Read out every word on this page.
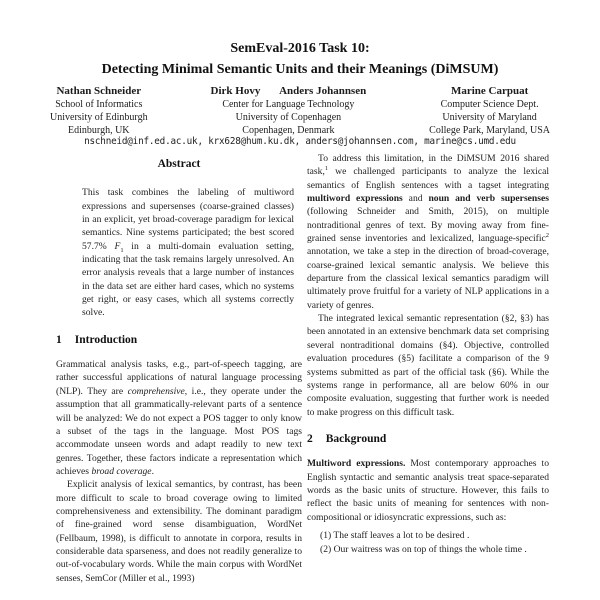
SemEval-2016 Task 10:
Detecting Minimal Semantic Units and their Meanings (DiMSUM)
Nathan Schneider
School of Informatics
University of Edinburgh
Edinburgh, UK
Dirk Hovy Anders Johannsen
Center for Language Technology
University of Copenhagen
Copenhagen, Denmark
Marine Carpuat
Computer Science Dept.
University of Maryland
College Park, Maryland, USA
nschneid@inf.ed.ac.uk, krx628@hum.ku.dk, anders@johannsen.com, marine@cs.umd.edu
Abstract
This task combines the labeling of multiword expressions and supersenses (coarse-grained classes) in an explicit, yet broad-coverage paradigm for lexical semantics. Nine systems participated; the best scored 57.7% $F_1$ in a multi-domain evaluation setting, indicating that the task remains largely unresolved. An error analysis reveals that a large number of instances in the data set are either hard cases, which no systems get right, or easy cases, which all systems correctly solve.
1 Introduction

Grammatical analysis tasks, e.g., part-of-speech tagging, are rather successful applications of natural language processing (NLP). They are comprehensive, i.e., they operate under the assumption that all grammatically-relevant parts of a sentence will be analyzed: We do not expect a POS tagger to only know a subset of the tags in the language. Most POS tags accommodate unseen words and adapt readily to new text genres. Together, these factors indicate a representation which achieves broad coverage.

Explicit analysis of lexical semantics, by contrast, has been more difficult to scale to broad coverage owing to limited comprehensiveness and extensibility. The dominant paradigm of fine-grained word sense disambiguation, WordNet (Fellbaum, 1998), is difficult to annotate in corpora, results in considerable data sparseness, and does not readily generalize to out-of-vocabulary words. While the main corpus with WordNet senses, SemCor (Miller et al., 1993)

To address this limitation, in the DiMSUM 2016 shared task,$^1$ we challenged participants to analyze the lexical semantics of English sentences with a tagset integrating multiword expressions and noun and verb supersenses (following Schneider and Smith, 2015), on multiple nontraditional genres of text. By moving away from fine-grained sense inventories and lexicalized, language-specific$^2$ annotation, we take a step in the direction of broad-coverage, coarse-grained lexical semantic analysis. We believe this departure from the classical lexical semantics paradigm will ultimately prove fruitful for a variety of NLP applications in a variety of genres.

The integrated lexical semantic representation (§2, §3) has been annotated in an extensive benchmark data set comprising several nontraditional domains (§4). Objective, controlled evaluation procedures (§5) facilitate a comparison of the 9 systems submitted as part of the official task (§6). While the systems range in performance, all are below 60% in our composite evaluation, suggesting that further work is needed to make progress on this difficult task.

2 Background

Multiword expressions. Most contemporary approaches to English syntactic and semantic analysis treat space-separated words as the basic units of structure. However, this fails to reflect the basic units of meaning for sentences with non-compositional or idiosyncratic expressions, such as:

(1) The staff leaves a lot to be desired .

(2) Our waitress was on top of things the whole time .
